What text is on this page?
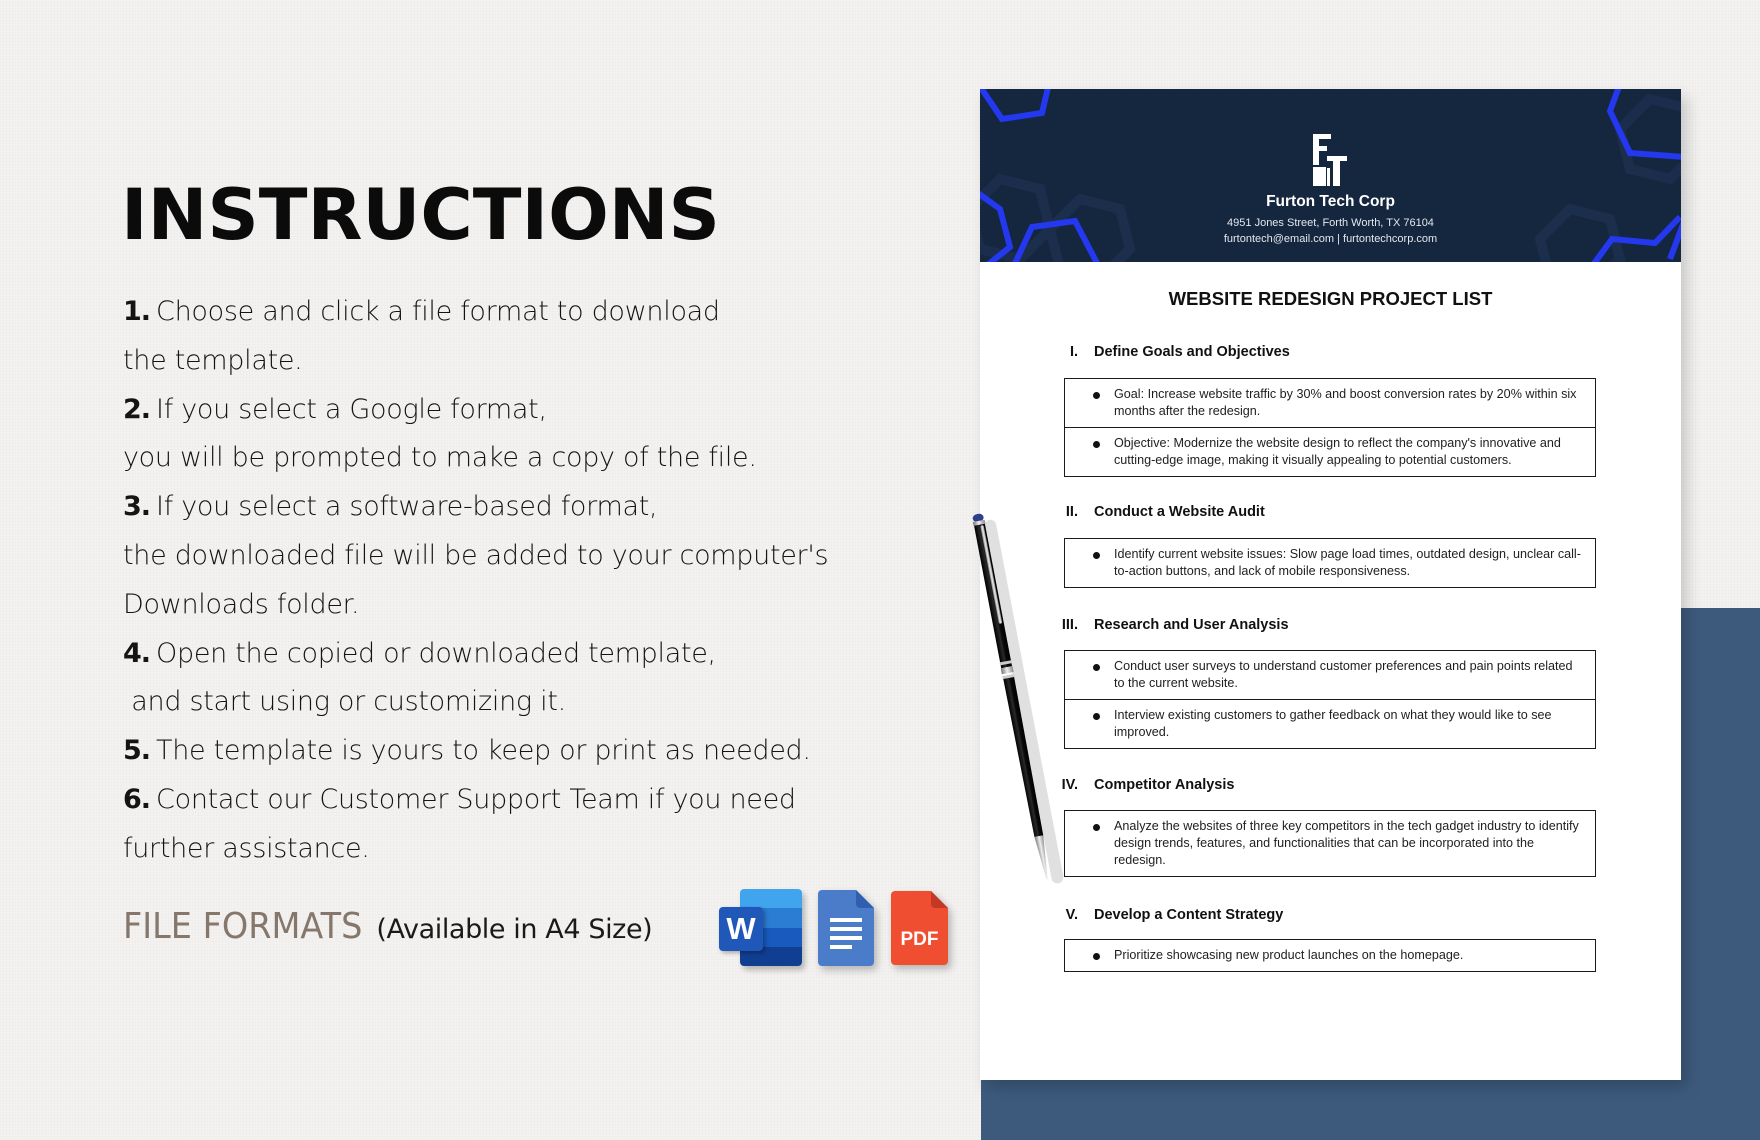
INSTRUCTIONS
1. Choose and click a file format to download
the template.
2. If you select a Google format,
you will be prompted to make a copy of the file.
3. If you select a software-based format,
the downloaded file will be added to your computer's
Downloads folder.
4. Open the copied or downloaded template,
and start using or customizing it.
5. The template is yours to keep or print as needed.
6. Contact our Customer Support Team if you need
further assistance.
FILE FORMATS (Available in A4 Size) W	PDF
Furton Tech Corp
4951 Jones Street, Forth Worth, TX 76104
furtontech@email.com | furtontechcorp.com
WEBSITE REDESIGN PROJECT LIST
I. Define Goals and Objectives
Goal: Increase website traffic by 30% and boost conversion rates by 20% within six months after the redesign.
Objective: Modernize the website design to reflect the company's innovative and cutting-edge image, making it visually appealing to potential customers.
II. Conduct a Website Audit
Identify current website issues: Slow page load times, outdated design, unclear call-to-action buttons, and lack of mobile responsiveness.
III. Research and User Analysis
Conduct user surveys to understand customer preferences and pain points related to the current website.
Interview existing customers to gather feedback on what they would like to see improved.
IV. Competitor Analysis
Analyze the websites of three key competitors in the tech gadget industry to identify design trends, features, and functionalities that can be incorporated into the redesign.
V. Develop a Content Strategy
Prioritize showcasing new product launches on the homepage.
